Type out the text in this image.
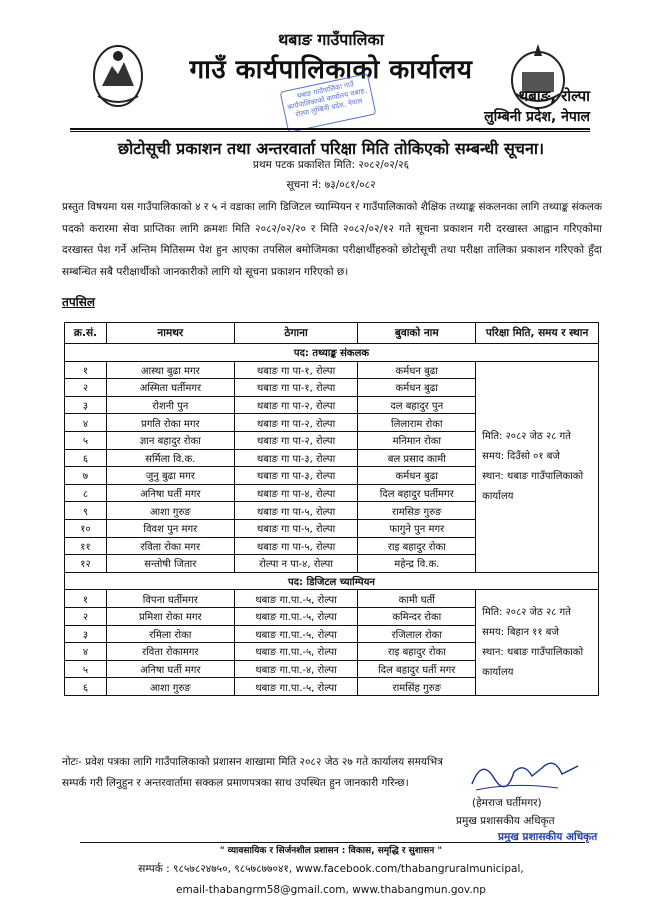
थबाङ गाउँपालिका
गाउँ कार्यपालिकाको कार्यालय
थबाङ, रोल्पा
लुम्बिनी प्रदेश, नेपाल
थबाङ गाउँपालिका गाउँ कार्यपालिकाको कार्यालय थबाङ, रोल्पा लुम्बिनी प्रदेश, नेपाल
छोटोसूची प्रकाशन तथा अन्तरवार्ता परिक्षा मिति तोकिएको सम्बन्धी सूचना।
प्रथम पटक प्रकाशित मिति: २०८२/०२/२६
सूचना नं: ७३/०८१/०८२
प्रस्तुत विषयमा यस गाउँपालिकाको ४ र ५ नं वडाका लागि डिजिटल च्याम्पियन र गाउँपालिकाको शैक्षिक तथ्याङ्क संकलनका लागि तथ्याङ्क संकलक पदको करारमा सेवा प्राप्तिका लागि क्रमशः मिति २०८२/०२/२० र मिति २०८२/०२/१२ गते सूचना प्रकाशन गरी दरखास्त आह्वान गरिएकोमा दरखास्त पेश गर्ने अन्तिम मितिसम्म पेश हुन आएका तपसिल बमोजिमका परीक्षार्थीहरुको छोटोसूची तथा परीक्षा तालिका प्रकाशन गरिएको हुँदा सम्बन्धित सबै परीक्षार्थीको जानकारीको लागि यो सूचना प्रकाशन गरिएको छ।
तपसिल
क्र.सं.	नामथर	ठेगाना	बुवाको नाम	परिक्षा मिति, समय र स्थान
पद: तथ्याङ्क संकलक				
१	आस्था बुढा मगर	थबाङ गा पा-१, रोल्पा	कर्मधन बुढा	मिति: २०८२ जेठ २८ गते
समय: दिउँसो ०१ बजे
स्थान: थबाङ गाउँपालिकाको
कार्यालय

२	अस्मिता घर्तीमगर	थबाङ गा पा-१, रोल्पा	कर्मधन बुढा	
३	रोशनी पुन	थबाङ गा पा-२, रोल्पा	दल बहादुर पुन	
४	प्रगति रोका मगर	थबाङ गा पा-२, रोल्पा	लिलाराम रोका	
५	ज्ञान बहादुर रोका	थबाङ गा पा-२, रोल्पा	मनिमान रोका	
६	सर्मिला वि.क.	थबाङ गा पा-३, रोल्पा	बल प्रसाद कामी	
७	जुनु बुढा मगर	थबाङ गा पा-३, रोल्पा	कर्मधन बुढा	
८	अनिषा घर्ती मगर	थबाङ गा पा-४, रोल्पा	दिल बहादुर घर्तीमगर	
९	आशा गुरुङ	थबाङ गा पा-५, रोल्पा	रामसिङ गुरुङ	
१०	विवश पुन मगर	थबाङ गा पा-५, रोल्पा	फागुने पुन मगर	
११	रविता रोका मगर	थबाङ गा पा-५, रोल्पा	राइ बहादुर रोका	
१२	सन्तोषी जितार	रोल्पा न पा-४, रोल्पा	महेन्द्र वि.क.	
पद: डिजिटल च्याम्पियन				
१	विपना घर्तीमगर	थबाङ गा.पा.-५, रोल्पा	कामी घर्ती	मिति: २०८२ जेठ २८ गते
समय: बिहान ११ बजे
स्थान: थबाङ गाउँपालिकाको
कार्यालय

२	प्रमिशा रोका मगर	थबाङ गा.पा.-५, रोल्पा	कमिन्दर रोका	
३	रमिला रोका	थबाङ गा.पा.-५, रोल्पा	रजिलाल रोका	
४	रविता रोकामगर	थबाङ गा.पा.-५, रोल्पा	राइ बहादुर रोका	
५	अनिषा घर्ती मगर	थबाङ गा.पा.-४, रोल्पा	दिल बहादुर घर्ती मगर	
६	आशा गुरुङ	थबाङ गा.पा.-५, रोल्पा	रामसिंह गुरुङ	
नोटः- प्रवेश पत्रका लागि गाउँपालिकाको प्रशासन शाखामा मिति २०८२ जेठ २७ गते कार्यालय समयभित्र सम्पर्क गरी लिनुहुन र अन्तरवार्तामा सक्कल प्रमाणपत्रका साथ उपस्थित हुन जानकारी गरिन्छ।
(हेमराज घर्तीमगर)
प्रमुख प्रशासकीय अधिकृत
प्रमुख प्रशासकीय अधिकृत
" व्यावसायिक र सिर्जनशील प्रशासन : विकास, समृद्धि र सुशासन "
सम्पर्क : ९८५७८२४७५०, ९८५७८७७०४१, www.facebook.com/thabangruralmunicipal,
email-thabangrm58@gmail.com, www.thabangmun.gov.np
